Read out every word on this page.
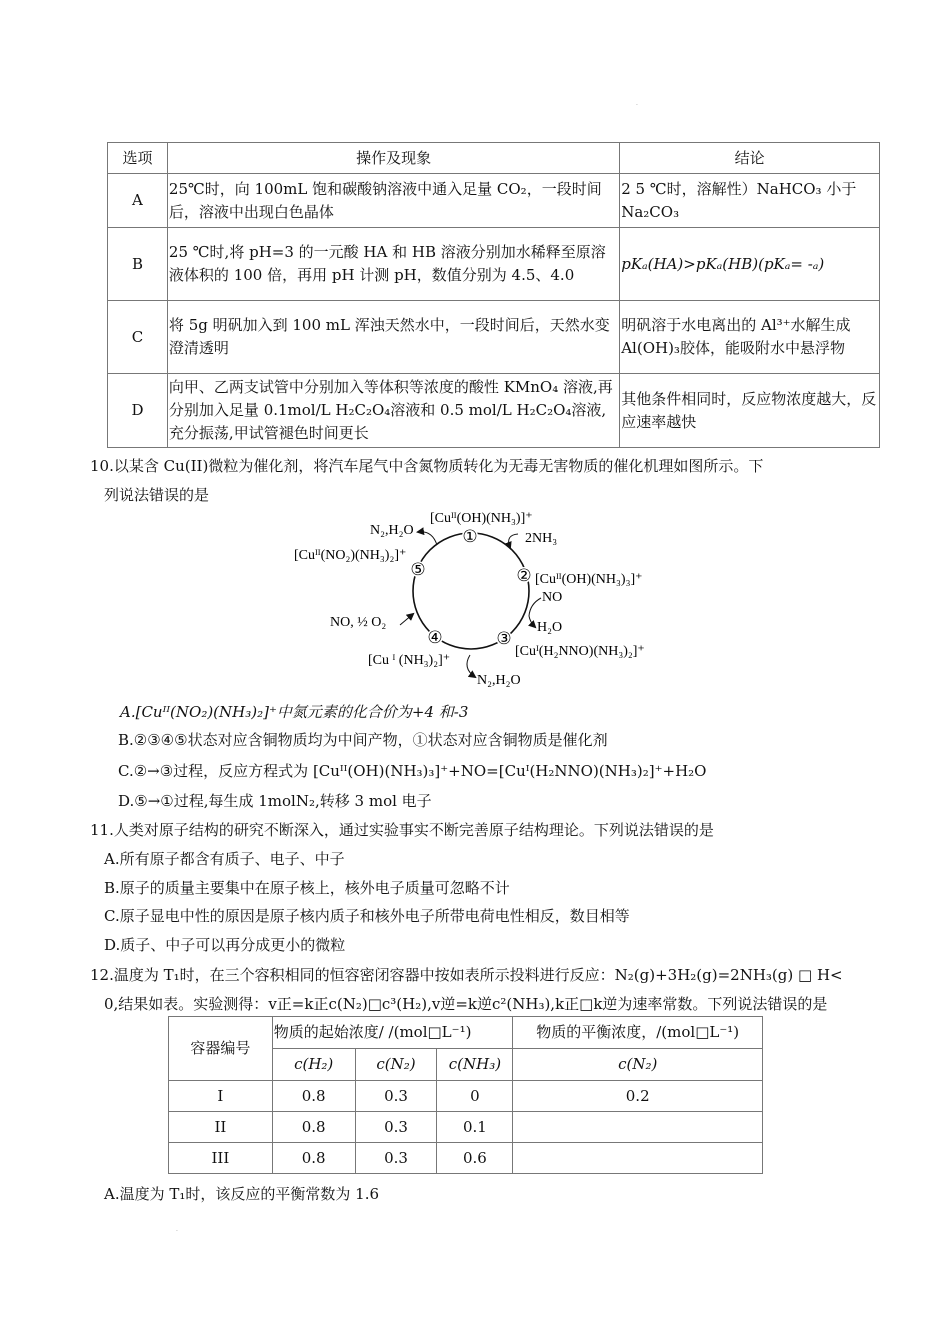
.
选项	操作及现象	结论
A	25℃时，向 100mL 饱和碳酸钠溶液中通入足量 CO₂，一段时间后，溶液中出现白色晶体	2 5 ℃时，溶解性）NaHCO₃ 小于 Na₂CO₃
B	25 ℃时,将 pH=3 的一元酸 HA 和 HB 溶液分别加水稀释至原溶液体积的 100 倍，再用 pH 计测 pH，数值分别为 4.5、4.0	pKₐ(HA)>pKₐ(HB)(pKₐ= -ₐ)
C	将 5g 明矾加入到 100 mL 浑浊天然水中，一段时间后，天然水变澄清透明	明矾溶于水电离出的 Al³⁺水解生成 Al(OH)₃胶体，能吸附水中悬浮物
D	向甲、乙两支试管中分别加入等体积等浓度的酸性 KMnO₄ 溶液,再分别加入足量 0.1mol/L H₂C₂O₄溶液和 0.5 mol/L H₂C₂O₄溶液,充分振荡,甲试管褪色时间更长	其他条件相同时，反应物浓度越大，反应速率越快
10.以某含 Cu(II)微粒为催化剂，将汽车尾气中含氮物质转化为无毒无害物质的催化机理如图所示。下
列说法错误的是
①
②
③
④
⑤
[Cuᴵᴵ(OH)(NH₃)]⁺
[Cuᴵᴵ(OH)(NH₃)₃]⁺
[Cuᴵ(H₂NNO)(NH₃)₂]⁺
[Cu ᴵ (NH₃)₂]⁺
[Cuᴵᴵ(NO₂)(NH₃)₂]⁺
2NH₃
NO
H₂O
N₂,H₂O
N₂,H₂O
NO, ½ O₂
A.[Cuᴵᴵ(NO₂)(NH₃)₂]⁺中氮元素的化合价为+4 和-3
B.②③④⑤状态对应含铜物质均为中间产物，①状态对应含铜物质是催化剂
C.②→③过程，反应方程式为 [Cuᴵᴵ(OH)(NH₃)₃]⁺+NO=[Cuᴵ(H₂NNO)(NH₃)₂]⁺+H₂O
D.⑤→①过程,每生成 1molN₂,转移 3 mol 电子
11.人类对原子结构的研究不断深入，通过实验事实不断完善原子结构理论。下列说法错误的是
A.所有原子都含有质子、电子、中子
B.原子的质量主要集中在原子核上，核外电子质量可忽略不计
C.原子显电中性的原因是原子核内质子和核外电子所带电荷电性相反，数目相等
D.质子、中子可以再分成更小的微粒
12.温度为 T₁时，在三个容积相同的恒容密闭容器中按如表所示投料进行反应：N₂(g)+3H₂(g)=2NH₃(g) □ H<
0,结果如表。实验测得：v正=k正c(N₂)□c³(H₂),v逆=k逆c²(NH₃),k正□k逆为速率常数。下列说法错误的是
容器编号	物质的起始浓度/ /(mol□L⁻¹)			物质的平衡浓度，/(mol□L⁻¹)
	c(H₂)	c(N₂)	c(NH₃)	c(N₂)
I	0.8	0.3	0	0.2
II	0.8	0.3	0.1	
III	0.8	0.3	0.6	
A.温度为 T₁时，该反应的平衡常数为 1.6
.
